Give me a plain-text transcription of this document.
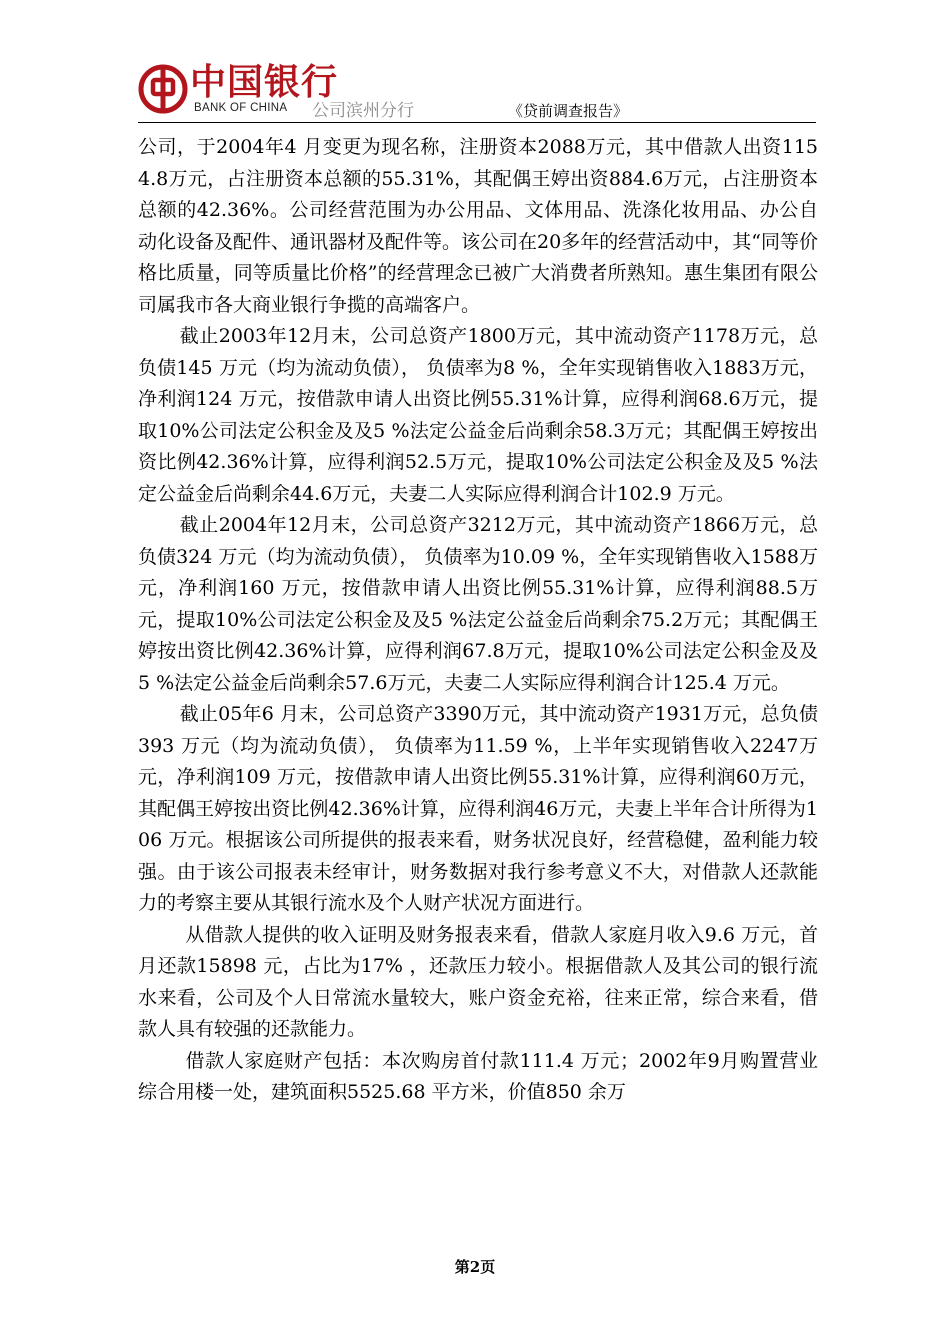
中国银行
BANK OF CHINA 公司滨州分行	《贷前调查报告》

公司，于2004年4 月变更为现名称，注册资本2088万元，其中借款人出资1154.8万元，占注册资本总额的55.31%，其配偶王婷出资884.6万元，占注册资本总额的42.36%。公司经营范围为办公用品、文体用品、洗涤化妆用品、办公自动化设备及配件、通讯器材及配件等。该公司在20多年的经营活动中，其“同等价格比质量，同等质量比价格”的经营理念已被广大消费者所熟知。惠生集团有限公司属我市各大商业银行争揽的高端客户。

截止2003年12月末，公司总资产1800万元，其中流动资产1178万元，总负债145 万元（均为流动负债）， 负债率为8 %，全年实现销售收入1883万元，净利润124 万元，按借款申请人出资比例55.31%计算，应得利润68.6万元，提取10%公司法定公积金及及5 %法定公益金后尚剩余58.3万元；其配偶王婷按出资比例42.36%计算，应得利润52.5万元，提取10%公司法定公积金及及5 %法定公益金后尚剩余44.6万元，夫妻二人实际应得利润合计102.9 万元。

截止2004年12月末，公司总资产3212万元，其中流动资产1866万元，总负债324 万元（均为流动负债）， 负债率为10.09 %，全年实现销售收入1588万元，净利润160 万元，按借款申请人出资比例55.31%计算，应得利润88.5万元，提取10%公司法定公积金及及5 %法定公益金后尚剩余75.2万元；其配偶王婷按出资比例42.36%计算，应得利润67.8万元，提取10%公司法定公积金及及5 %法定公益金后尚剩余57.6万元，夫妻二人实际应得利润合计125.4 万元。

截止05年6 月末，公司总资产3390万元，其中流动资产1931万元，总负债393 万元（均为流动负债）， 负债率为11.59 %，上半年实现销售收入2247万元，净利润109 万元，按借款申请人出资比例55.31%计算，应得利润60万元，其配偶王婷按出资比例42.36%计算，应得利润46万元，夫妻上半年合计所得为106 万元。根据该公司所提供的报表来看，财务状况良好，经营稳健，盈利能力较强。由于该公司报表未经审计，财务数据对我行参考意义不大，对借款人还款能力的考察主要从其银行流水及个人财产状况方面进行。

从借款人提供的收入证明及财务报表来看，借款人家庭月收入9.6 万元，首月还款15898 元，占比为17% ，还款压力较小。根据借款人及其公司的银行流水来看，公司及个人日常流水量较大，账户资金充裕，往来正常，综合来看，借款人具有较强的还款能力。

借款人家庭财产包括：本次购房首付款111.4 万元；2002年9月购置营业综合用楼一处，建筑面积5525.68 平方米，价值850 余万

第2页
